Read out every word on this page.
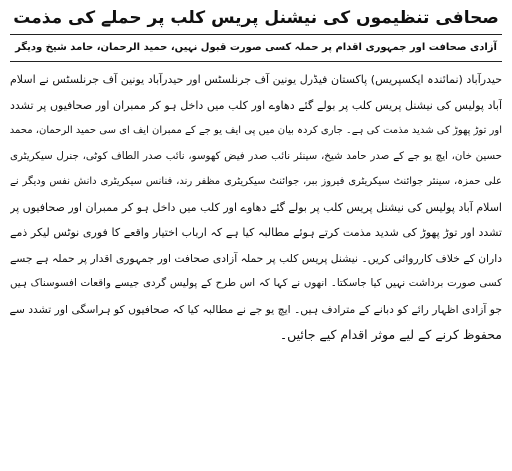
صحافی تنظیموں کی نیشنل پریس کلب پر حملے کی مذمت
آزادی صحافت اور جمہوری اقدام پر حملہ کسی صورت قبول نہیں، حمید الرحمان، حامد شیخ ودیگر
حیدرآباد (نمائندہ ایکسپریس) پاکستان فیڈرل یونین آف جرنلسٹس اور حیدرآباد یونین آف جرنلسٹس نے اسلام
آباد پولیس کی نیشنل پریس کلب پر بولے گئے دھاوے اور کلب میں داخل ہو کر ممبران اور صحافیوں پر تشدد
اور توڑ پھوڑ کی شدید مذمت کی ہے۔ جاری کردہ بیان میں پی ایف یو جے کے ممبران ایف ای سی حمید الرحمان، محمد
حسین خان، ایچ یو جے کے صدر حامد شیخ، سینئر نائب صدر فیض کھوسو، نائب صدر الطاف کوٹی، جنرل سیکریٹری
علی حمزہ، سینئر جوائنٹ سیکریٹری فیروز ببر، جوائنٹ سیکریٹری مظفر رند، فنانس سیکریٹری دانش نفس ودیگر نے
اسلام آباد پولیس کی نیشنل پریس کلب پر بولے گئے دھاوے اور کلب میں داخل ہو کر ممبران اور صحافیوں پر
تشدد اور توڑ پھوڑ کی شدید مذمت کرتے ہوئے مطالبہ کیا ہے کہ ارباب اختیار واقعے کا فوری نوٹس لیکر ذمے
داران کے خلاف کارروائی کریں۔ نیشنل پریس کلب پر حملہ آزادی صحافت اور جمہوری اقدار پر حملہ ہے جسے
کسی صورت برداشت نہیں کیا جاسکتا۔ انھوں نے کہا کہ اس طرح کے پولیس گردی جیسے واقعات افسوسناک ہیں
جو آزادی اظہار رائے کو دبانے کے مترادف ہیں۔ ایچ یو جے نے مطالبہ کیا کہ صحافیوں کو ہراسگی اور تشدد سے
محفوظ کرنے کے لیے موثر اقدام کیے جائیں۔
